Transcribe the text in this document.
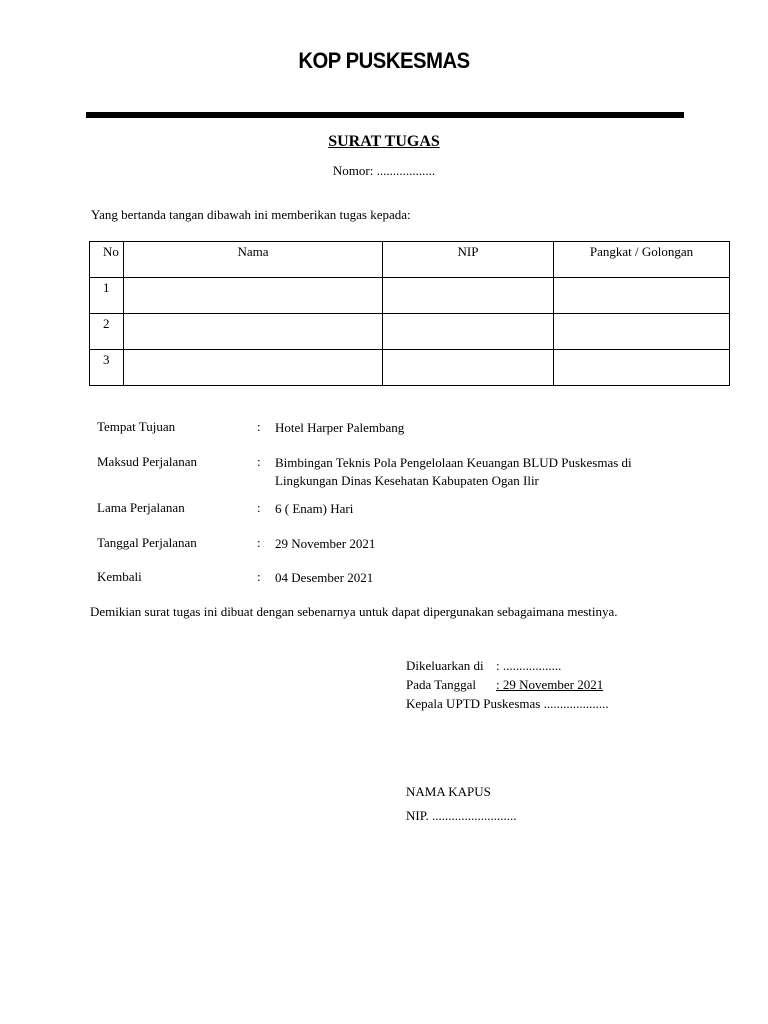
KOP PUSKESMAS
SURAT TUGAS
Nomor: ..................
Yang bertanda tangan dibawah ini memberikan tugas kepada:
No	Nama	NIP	Pangkat / Golongan
1			
2			
3			
Tempat Tujuan	: Hotel Harper Palembang
Maksud Perjalanan	: Bimbingan Teknis Pola Pengelolaan Keuangan BLUD Puskesmas di Lingkungan Dinas Kesehatan Kabupaten Ogan Ilir
Lama Perjalanan	: 6 ( Enam) Hari
Tanggal Perjalanan	: 29 November 2021
Kembali	: 04 Desember 2021
Demikian surat tugas ini dibuat dengan sebenarnya untuk dapat dipergunakan sebagaimana mestinya.
Dikeluarkan di : ..................
Pada Tanggal : 29 November 2021
Kepala UPTD Puskesmas ....................
NAMA KAPUS
NIP. ..........................
